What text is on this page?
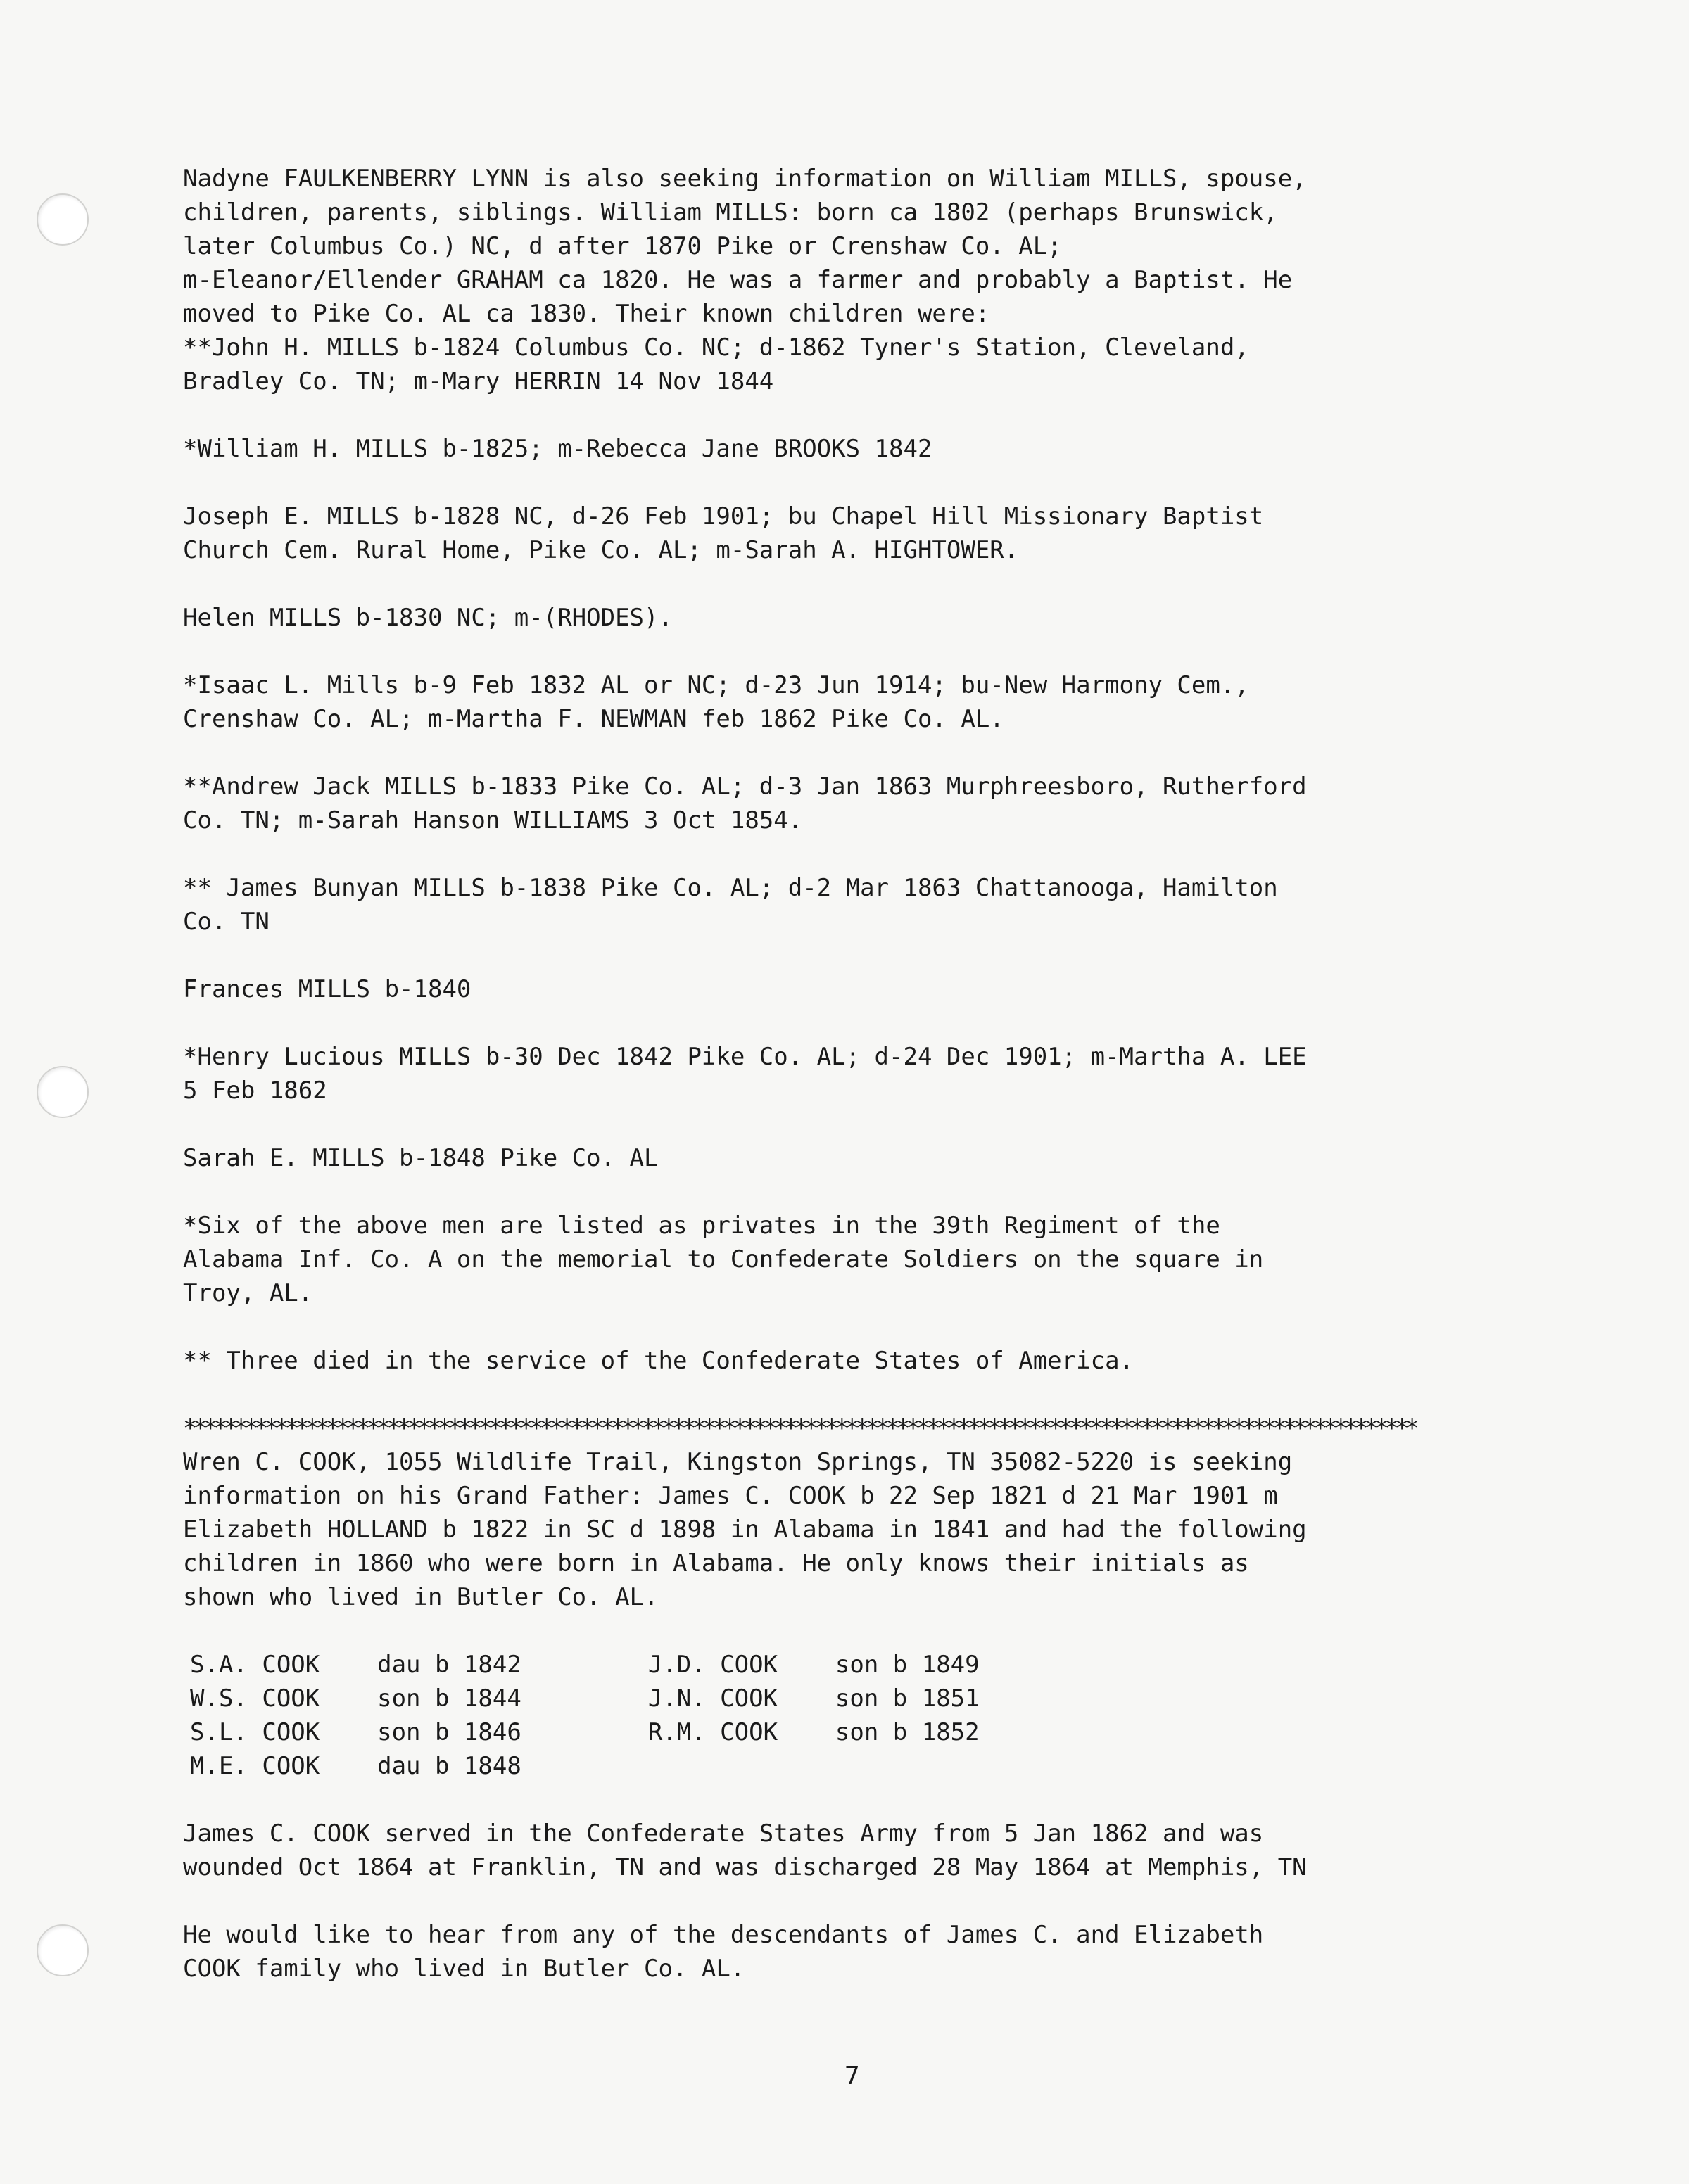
Nadyne FAULKENBERRY LYNN is also seeking information on William MILLS, spouse,
children, parents, siblings. William MILLS: born ca 1802 (perhaps Brunswick,
later Columbus Co.) NC, d after 1870 Pike or Crenshaw Co. AL;
m-Eleanor/Ellender GRAHAM ca 1820. He was a farmer and probably a Baptist. He
moved to Pike Co. AL ca 1830. Their known children were:
**John H. MILLS b-1824 Columbus Co. NC; d-1862 Tyner's Station, Cleveland,
Bradley Co. TN; m-Mary HERRIN 14 Nov 1844
*William H. MILLS b-1825; m-Rebecca Jane BROOKS 1842
Joseph E. MILLS b-1828 NC, d-26 Feb 1901; bu Chapel Hill Missionary Baptist
Church Cem. Rural Home, Pike Co. AL; m-Sarah A. HIGHTOWER.
Helen MILLS b-1830 NC; m-(RHODES).
*Isaac L. Mills b-9 Feb 1832 AL or NC; d-23 Jun 1914; bu-New Harmony Cem.,
Crenshaw Co. AL; m-Martha F. NEWMAN feb 1862 Pike Co. AL.
**Andrew Jack MILLS b-1833 Pike Co. AL; d-3 Jan 1863 Murphreesboro, Rutherford
Co. TN; m-Sarah Hanson WILLIAMS 3 Oct 1854.
** James Bunyan MILLS b-1838 Pike Co. AL; d-2 Mar 1863 Chattanooga, Hamilton
Co. TN
Frances MILLS b-1840
*Henry Lucious MILLS b-30 Dec 1842 Pike Co. AL; d-24 Dec 1901; m-Martha A. LEE
5 Feb 1862
Sarah E. MILLS b-1848 Pike Co. AL
*Six of the above men are listed as privates in the 39th Regiment of the
Alabama Inf. Co. A on the memorial to Confederate Soldiers on the square in
Troy, AL.
** Three died in the service of the Confederate States of America.
*************************************************************************************************************************
Wren C. COOK, 1055 Wildlife Trail, Kingston Springs, TN 35082-5220 is seeking
information on his Grand Father: James C. COOK b 22 Sep 1821 d 21 Mar 1901 m
Elizabeth HOLLAND b 1822 in SC d 1898 in Alabama in 1841 and had the following
children in 1860 who were born in Alabama. He only knows their initials as
shown who lived in Butler Co. AL.
S.A. COOK    dau b 1842
W.S. COOK    son b 1844
S.L. COOK    son b 1846
M.E. COOK    dau b 1848
J.D. COOK    son b 1849
J.N. COOK    son b 1851
R.M. COOK    son b 1852
James C. COOK served in the Confederate States Army from 5 Jan 1862 and was
wounded Oct 1864 at Franklin, TN and was discharged 28 May 1864 at Memphis, TN
He would like to hear from any of the descendants of James C. and Elizabeth
COOK family who lived in Butler Co. AL.
7
